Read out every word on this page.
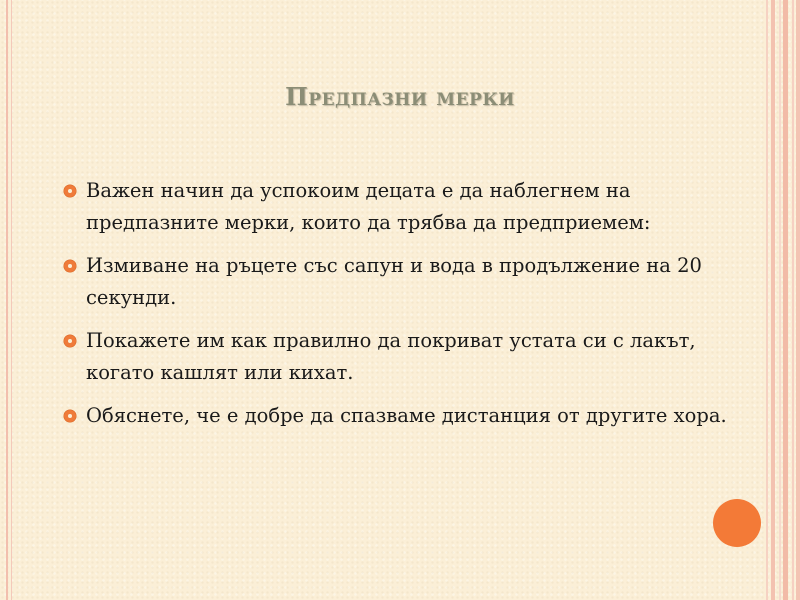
Предпазни мерки
Важен начин да успокоим децата е да наблегнем на предпазните мерки, които да трябва да предприемем:
Измиване на ръцете със сапун и вода в продължение на 20 секунди.
Покажете им как правилно да покриват устата си с лакът, когато кашлят или кихат.
Обяснете, че е добре да спазваме дистанция от другите хора.
